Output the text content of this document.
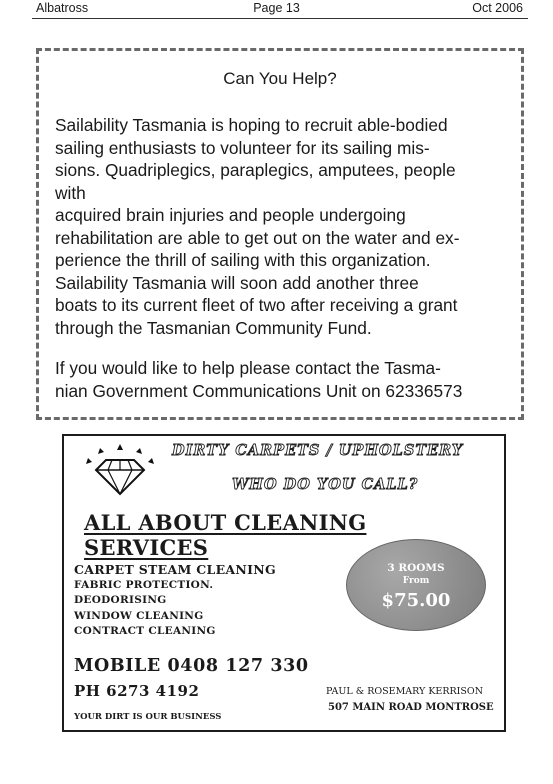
Albatross	Page 13	Oct 2006
Can You Help?

Sailability Tasmania is hoping to recruit able-bodied
sailing enthusiasts to volunteer for its sailing mis-
sions. Quadriplegics, paraplegics, amputees, people
with
acquired brain injuries and people undergoing
rehabilitation are able to get out on the water and ex-
perience the thrill of sailing with this organization.
Sailability Tasmania will soon add another three
boats to its current fleet of two after receiving a grant
through the Tasmanian Community Fund.
If you would like to help please contact the Tasma-
nian Government Communications Unit on 62336573

DIRTY CARPETS / UPHOLSTERY
WHO DO YOU CALL?
ALL ABOUT CLEANING SERVICES
CARPET STEAM CLEANING
FABRIC PROTECTION.
DEODORISING
WINDOW CLEANING
CONTRACT CLEANING
3 ROOMS
From
$75.00
MOBILE 0408 127 330
PH 6273 4192	PAUL & ROSEMARY KERRISON
507 MAIN ROAD MONTROSE
YOUR DIRT IS OUR BUSINESS
